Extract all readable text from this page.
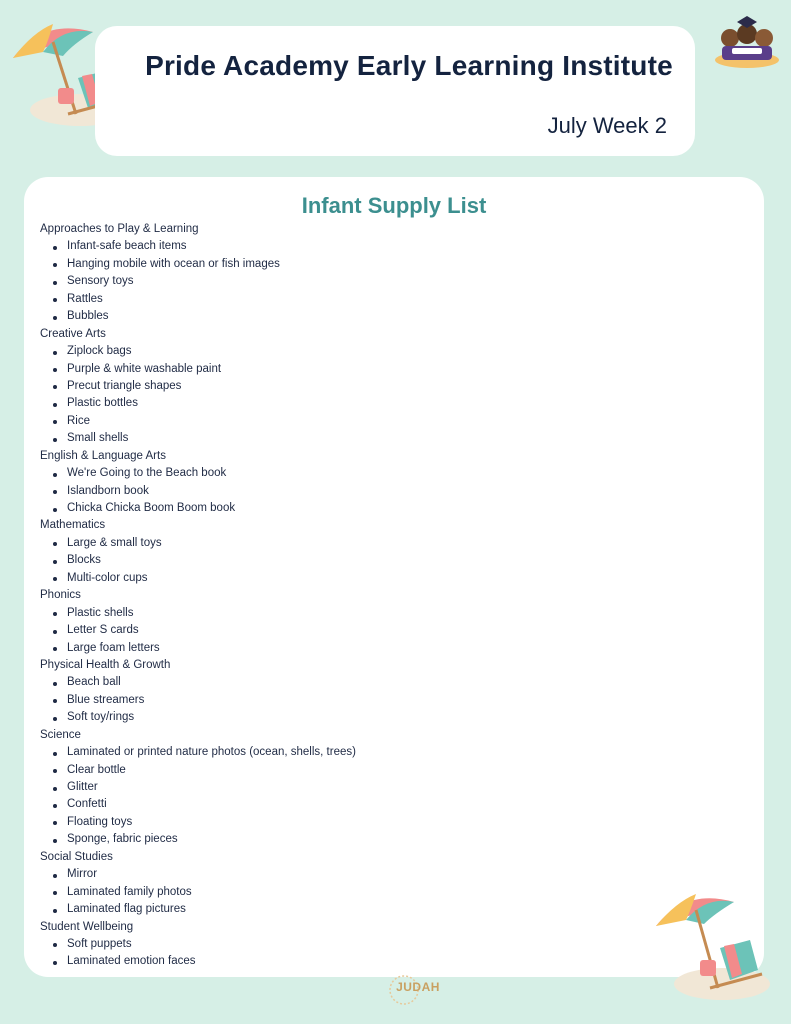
Pride Academy Early Learning Institute
July Week 2
Infant Supply List
Approaches to Play & Learning
Infant-safe beach items
Hanging mobile with ocean or fish images
Sensory toys
Rattles
Bubbles
Creative Arts
Ziplock bags
Purple & white washable paint
Precut triangle shapes
Plastic bottles
Rice
Small shells
English & Language Arts
We're Going to the Beach book
Islandborn book
Chicka Chicka Boom Boom book
Mathematics
Large & small toys
Blocks
Multi-color cups
Phonics
Plastic shells
Letter S cards
Large foam letters
Physical Health & Growth
Beach ball
Blue streamers
Soft toy/rings
Science
Laminated or printed nature photos (ocean, shells, trees)
Clear bottle
Glitter
Confetti
Floating toys
Sponge, fabric pieces
Social Studies
Mirror
Laminated family photos
Laminated flag pictures
Student Wellbeing
Soft puppets
Laminated emotion faces
JUDAH
